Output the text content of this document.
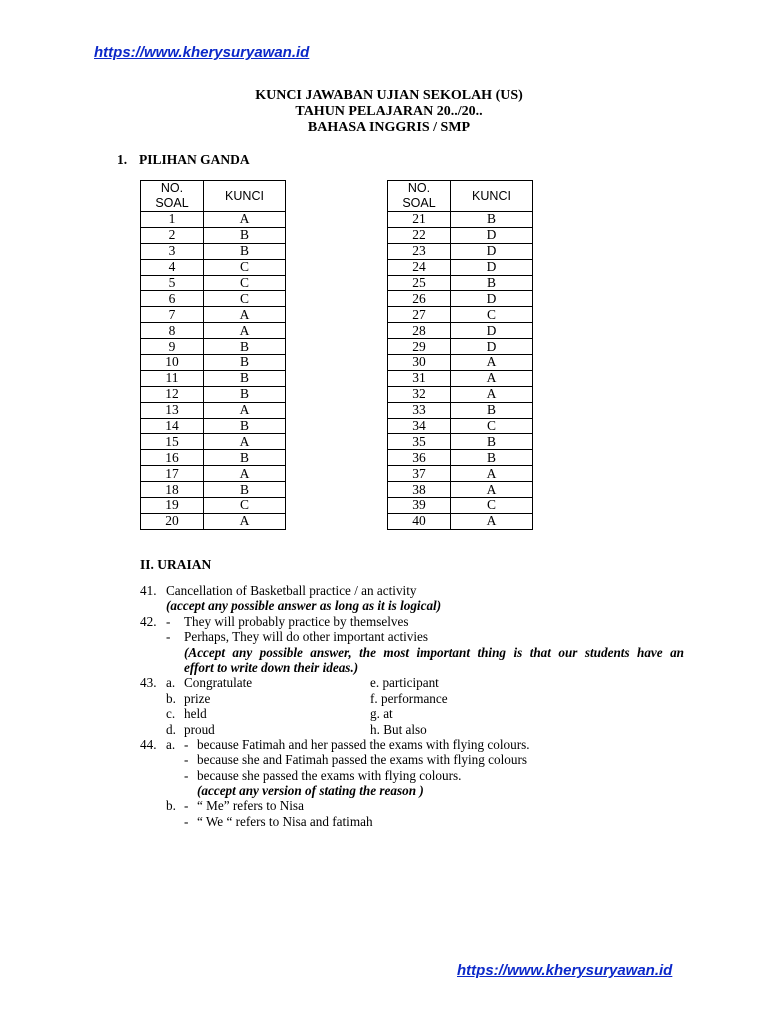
https://www.kherysuryawan.id
KUNCI JAWABAN UJIAN SEKOLAH (US)
TAHUN PELAJARAN 20../20..
BAHASA INGGRIS / SMP
1. PILIHAN GANDA
NO.
SOAL	KUNCI
1	A
2	B
3	B
4	C
5	C
6	C
7	A
8	A
9	B
10	B
11	B
12	B
13	A
14	B
15	A
16	B
17	A
18	B
19	C
20	A
NO.
SOAL	KUNCI
21	B
22	D
23	D
24	D
25	B
26	D
27	C
28	D
29	D
30	A
31	A
32	A
33	B
34	C
35	B
36	B
37	A
38	A
39	C
40	A
II. URAIAN
41. Cancellation of Basketball practice / an activity
(accept any possible answer as long as it is logical)
42. - They will probably practice by themselves
- Perhaps, They will do other important activies
(Accept any possible answer, the most important thing is that our students have an
effort to write down their ideas.)
43. a. Congratulate	e. participant
b. prize	f. performance
c. held	g. at
d. proud	h. But also
44. a. - because Fatimah and her passed the exams with flying colours.
- because she and Fatimah passed the exams with flying colours
- because she passed the exams with flying colours.
(accept any version of stating the reason )
b. - “ Me” refers to Nisa
- “ We “ refers to Nisa and fatimah
https://www.kherysuryawan.id
